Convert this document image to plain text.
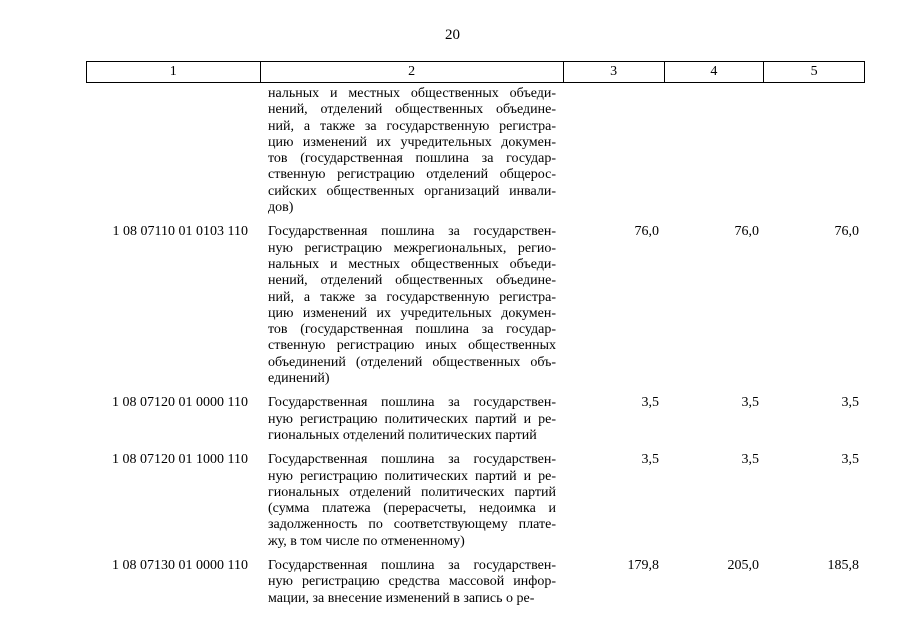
20
1	2	3	4	5
нальных и местных общественных объеди-
нений, отделений общественных объедине-
ний, а также за государственную регистра-
цию изменений их учредительных докумен-
тов (государственная пошлина за государ-
ственную регистрацию отделений общерос-
сийских общественных организаций инвали-
дов)
1 08 07110 01 0103 110	Государственная пошлина за государствен-
ную регистрацию межрегиональных, регио-
нальных и местных общественных объеди-
нений, отделений общественных объедине-
ний, а также за государственную регистра-
цию изменений их учредительных докумен-
тов (государственная пошлина за государ-
ственную регистрацию иных общественных
объединений (отделений общественных объ-
единений)
76,0	76,0	76,0
1 08 07120 01 0000 110	Государственная пошлина за государствен-
ную регистрацию политических партий и ре-
гиональных отделений политических партий
3,5	3,5	3,5
1 08 07120 01 1000 110	Государственная пошлина за государствен-
ную регистрацию политических партий и ре-
гиональных отделений политических партий
(сумма платежа (перерасчеты, недоимка и
задолженность по соответствующему плате-
жу, в том числе по отмененному)
3,5	3,5	3,5
1 08 07130 01 0000 110	Государственная пошлина за государствен-
ную регистрацию средства массовой инфор-
мации, за внесение изменений в запись о ре-
179,8	205,0	185,8
